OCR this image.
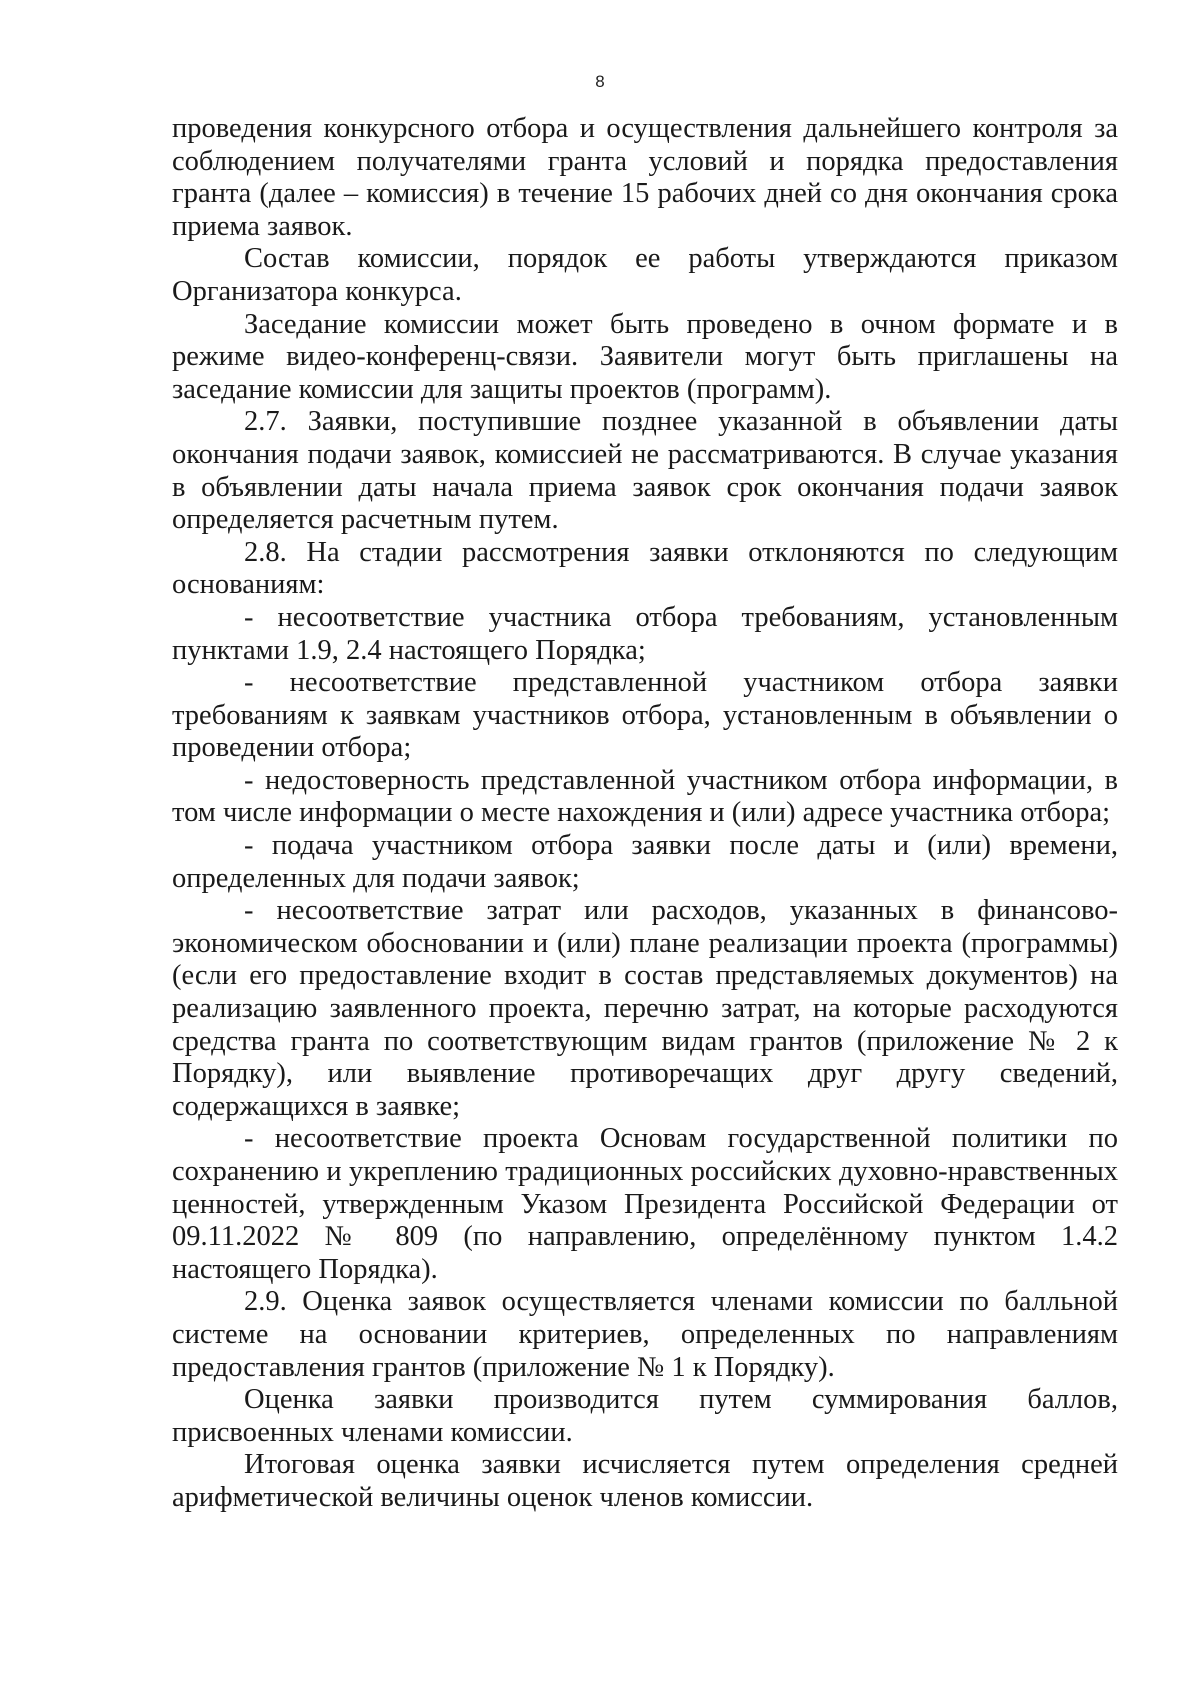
8

проведения конкурсного отбора и осуществления дальнейшего контроля за соблюдением получателями гранта условий и порядка предоставления гранта (далее – комиссия) в течение 15 рабочих дней со дня окончания срока приема заявок.

Состав комиссии, порядок ее работы утверждаются приказом Организатора конкурса.

Заседание комиссии может быть проведено в очном формате и в режиме видео-конференц-связи. Заявители могут быть приглашены на заседание комиссии для защиты проектов (программ).

2.7. Заявки, поступившие позднее указанной в объявлении даты окончания подачи заявок, комиссией не рассматриваются. В случае указания в объявлении даты начала приема заявок срок окончания подачи заявок определяется расчетным путем.

2.8. На стадии рассмотрения заявки отклоняются по следующим основаниям:

- несоответствие участника отбора требованиям, установленным пунктами 1.9, 2.4 настоящего Порядка;

- несоответствие представленной участником отбора заявки требованиям к заявкам участников отбора, установленным в объявлении о проведении отбора;

- недостоверность представленной участником отбора информации, в том числе информации о месте нахождения и (или) адресе участника отбора;

- подача участником отбора заявки после даты и (или) времени, определенных для подачи заявок;

- несоответствие затрат или расходов, указанных в финансово-экономическом обосновании и (или) плане реализации проекта (программы) (если его предоставление входит в состав представляемых документов) на реализацию заявленного проекта, перечню затрат, на которые расходуются средства гранта по соответствующим видам грантов (приложение № 2 к Порядку), или выявление противоречащих друг другу сведений, содержащихся в заявке;

- несоответствие проекта Основам государственной политики по сохранению и укреплению традиционных российских духовно-нравственных ценностей, утвержденным Указом Президента Российской Федерации от 09.11.2022 № 809 (по направлению, определённому пунктом 1.4.2 настоящего Порядка).

2.9. Оценка заявок осуществляется членами комиссии по балльной системе на основании критериев, определенных по направлениям предоставления грантов (приложение № 1 к Порядку).

Оценка заявки производится путем суммирования баллов, присвоенных членами комиссии.

Итоговая оценка заявки исчисляется путем определения средней арифметической величины оценок членов комиссии.
